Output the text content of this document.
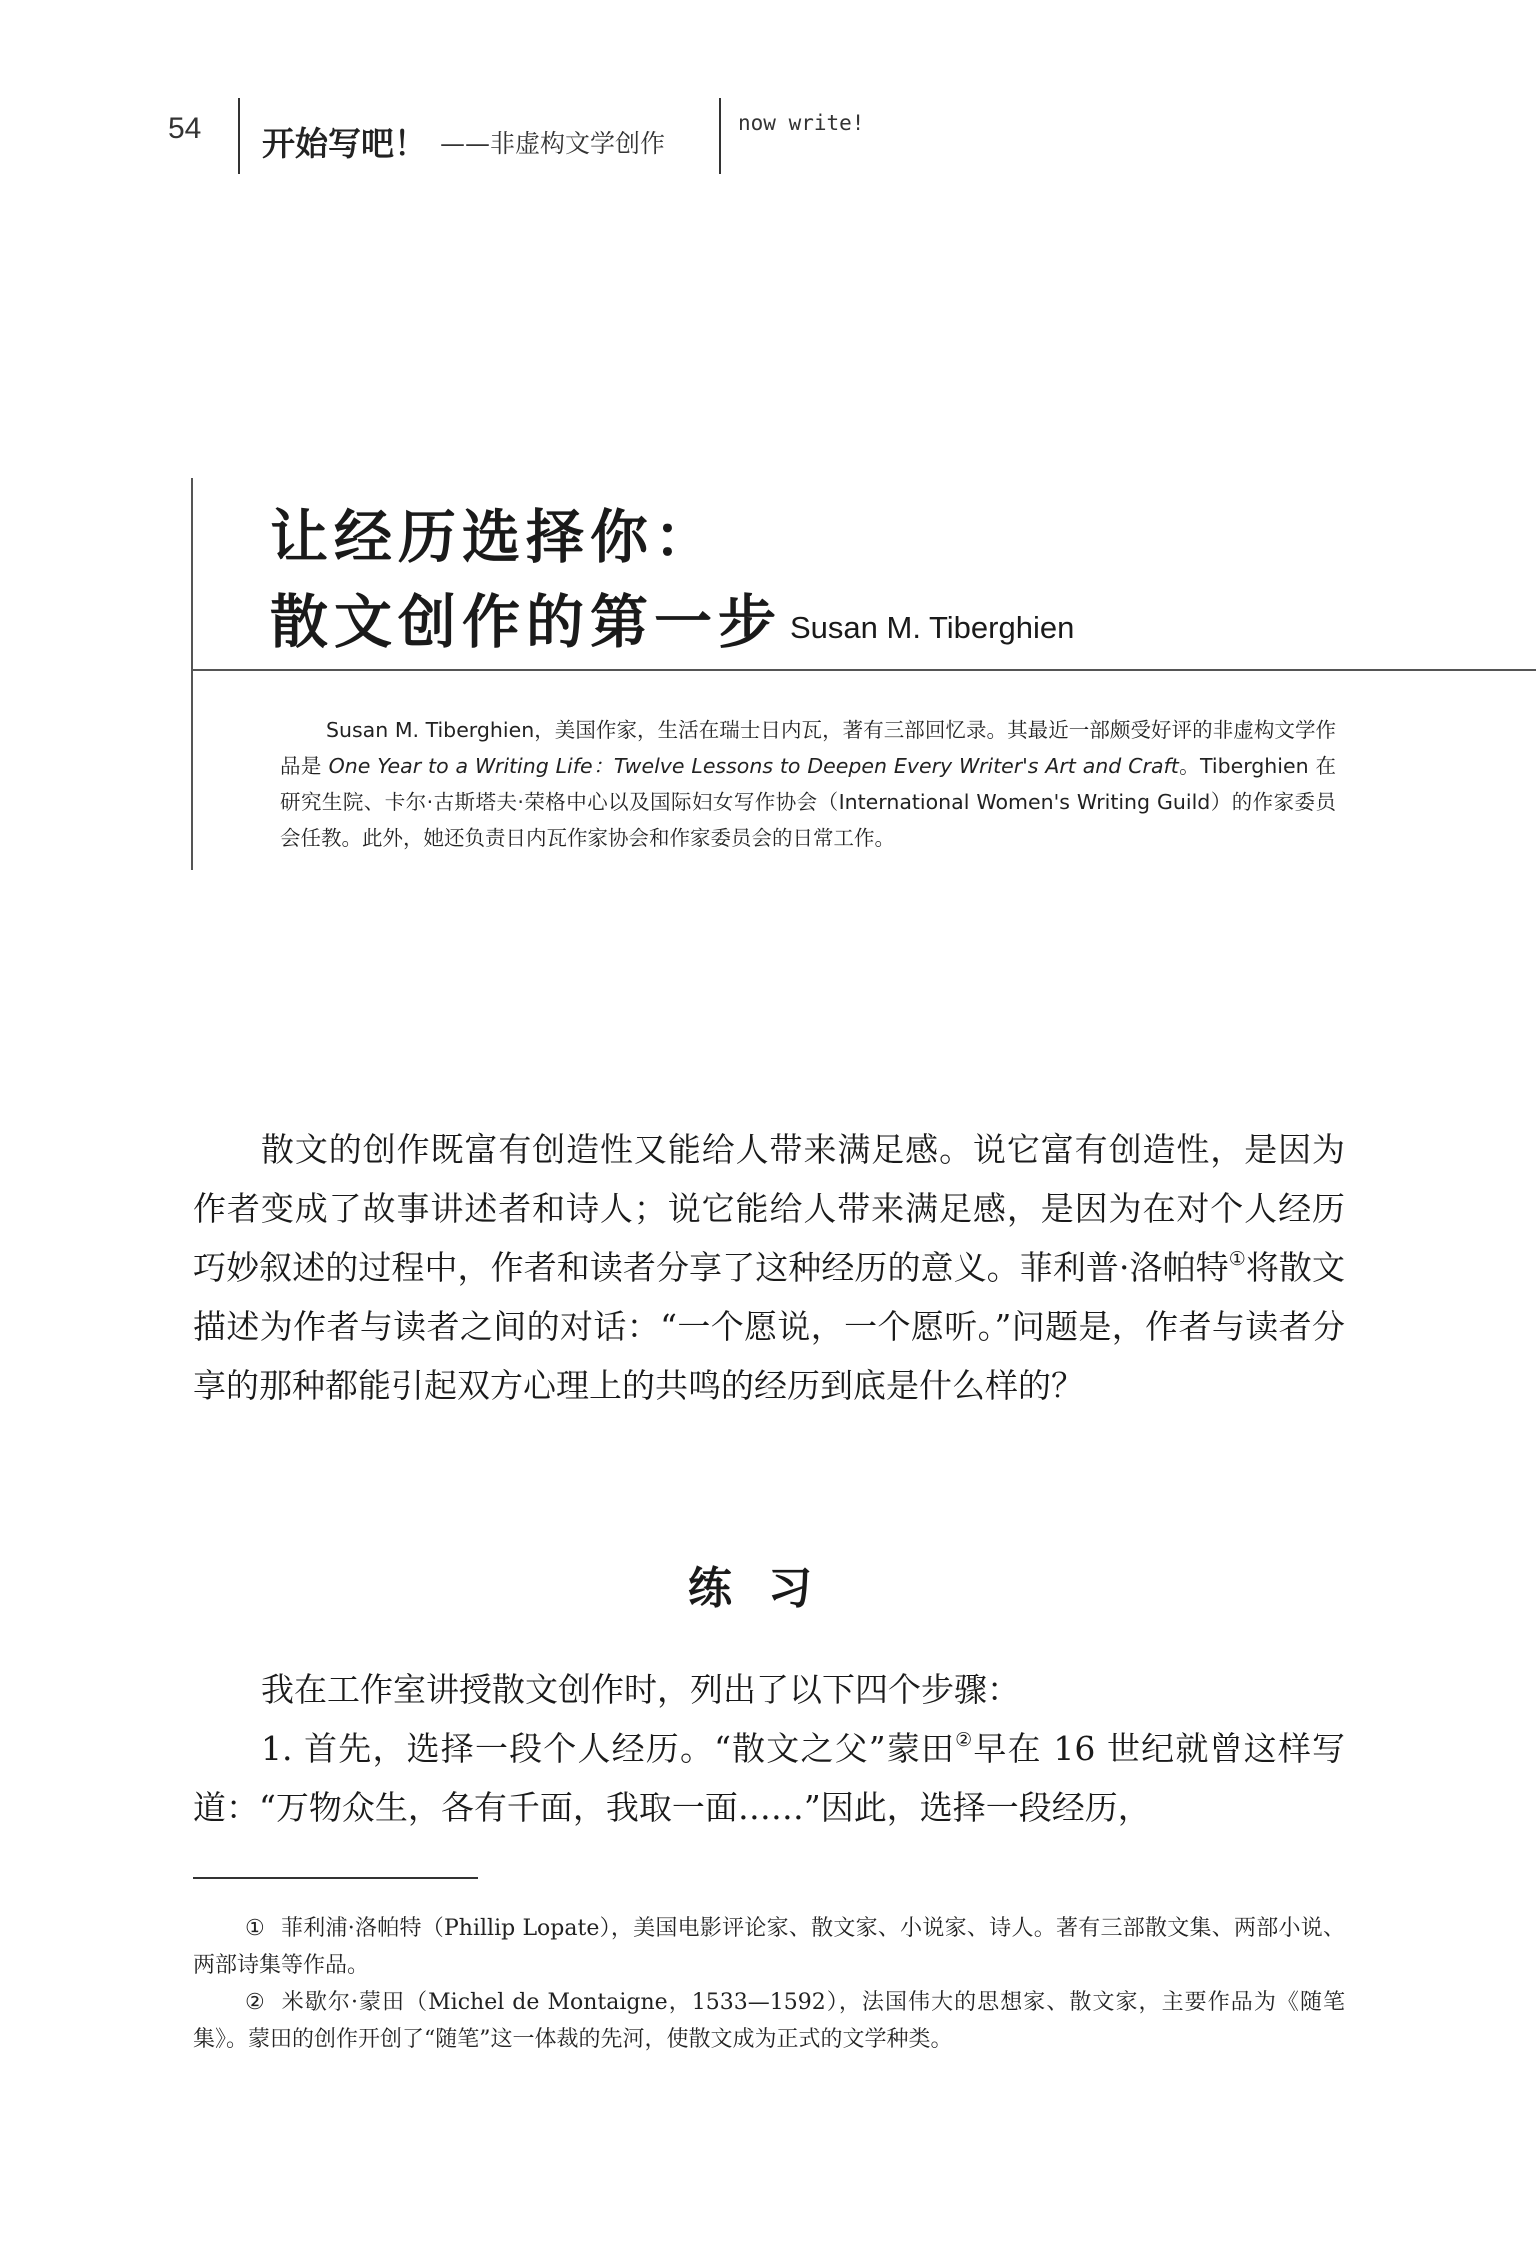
54 开始写吧！ ——非虚构文学创作
now write!
让经历选择你：
散文创作的第一步 Susan M. Tiberghien

Susan M. Tiberghien，美国作家，生活在瑞士日内瓦，著有三部回忆录。其最近一部颇受好评的非虚构文学作品是 One Year to a Writing Life：Twelve Lessons to Deepen Every Writer's Art and Craft。Tiberghien 在研究生院、卡尔·古斯塔夫·荣格中心以及国际妇女写作协会（International Women's Writing Guild）的作家委员会任教。此外，她还负责日内瓦作家协会和作家委员会的日常工作。

散文的创作既富有创造性又能给人带来满足感。说它富有创造性，是因为作者变成了故事讲述者和诗人；说它能给人带来满足感，是因为在对个人经历巧妙叙述的过程中，作者和读者分享了这种经历的意义。菲利普·洛帕特①将散文描述为作者与读者之间的对话：“一个愿说，一个愿听。”问题是，作者与读者分享的那种都能引起双方心理上的共鸣的经历到底是什么样的？

练习

我在工作室讲授散文创作时，列出了以下四个步骤：

1. 首先，选择一段个人经历。“散文之父”蒙田②早在 16 世纪就曾这样写道：“万物众生，各有千面，我取一面……”因此，选择一段经历，

① 菲利浦·洛帕特（Phillip Lopate），美国电影评论家、散文家、小说家、诗人。著有三部散文集、两部小说、两部诗集等作品。

② 米歇尔·蒙田（Michel de Montaigne，1533—1592），法国伟大的思想家、散文家，主要作品为《随笔集》。蒙田的创作开创了“随笔”这一体裁的先河，使散文成为正式的文学种类。
